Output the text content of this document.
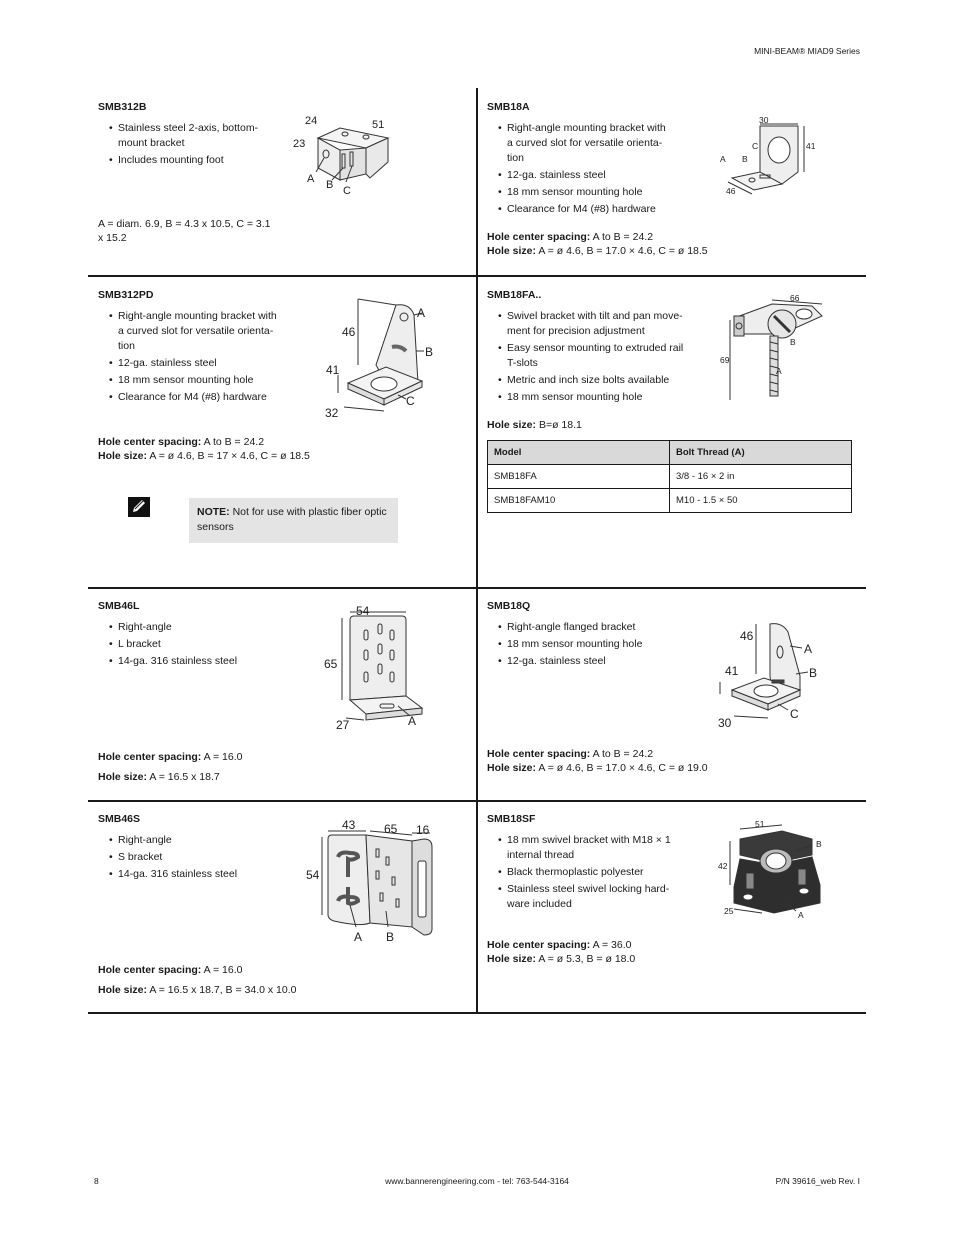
MINI-BEAM® MIAD9 Series
8	www.bannerengineering.com - tel: 763-544-3164	P/N 39616_web Rev. I
SMB312B
• Stainless steel 2-axis, bottom-mount bracket
• Includes mounting foot
A = diam. 6.9, B = 4.3 x 10.5, C = 3.1 x 15.2
24	51
23
A B C
SMB18A
• Right-angle mounting bracket with a curved slot for versatile orienta-tion
• 12-ga. stainless steel
• 18 mm sensor mounting hole
• Clearance for M4 (#8) hardware
Hole center spacing: A to B = 24.2
Hole size: A = ø 4.6, B = 17.0 × 4.6, C = ø 18.5
30
41
46
A B
C
SMB312PD
• Right-angle mounting bracket with a curved slot for versatile orienta-tion
• 12-ga. stainless steel
• 18 mm sensor mounting hole
• Clearance for M4 (#8) hardware
Hole center spacing: A to B = 24.2
Hole size: A = ø 4.6, B = 17 × 4.6, C = ø 18.5
NOTE: Not for use with plastic fiber optic sensors
46
41
32
A
B
C
SMB18FA..
• Swivel bracket with tilt and pan move-ment for precision adjustment
• Easy sensor mounting to extruded rail T-slots
• Metric and inch size bolts available
• 18 mm sensor mounting hole
Hole size: B=ø 18.1
Model	Bolt Thread (A)
SMB18FA	3/8 - 16 × 2 in
SMB18FAM10	M10 - 1.5 × 50
66
69
A
B
SMB46L
• Right-angle
• L bracket
• 14-ga. 316 stainless steel
Hole center spacing: A = 16.0
Hole size: A = 16.5 x 18.7
54
65
27	A
SMB18Q
• Right-angle flanged bracket
• 18 mm sensor mounting hole
• 12-ga. stainless steel
Hole center spacing: A to B = 24.2
Hole size: A = ø 4.6, B = 17.0 × 4.6, C = ø 19.0
46
41
30
A
B
C
SMB46S
• Right-angle
• S bracket
• 14-ga. 316 stainless steel
Hole center spacing: A = 16.0
Hole size: A = 16.5 x 18.7, B = 34.0 x 10.0
43 65 16
54
A B
SMB18SF
• 18 mm swivel bracket with M18 × 1 internal thread
• Black thermoplastic polyester
• Stainless steel swivel locking hard-ware included
Hole center spacing: A = 36.0
Hole size: A = ø 5.3, B = ø 18.0
51
42
25	A
B
